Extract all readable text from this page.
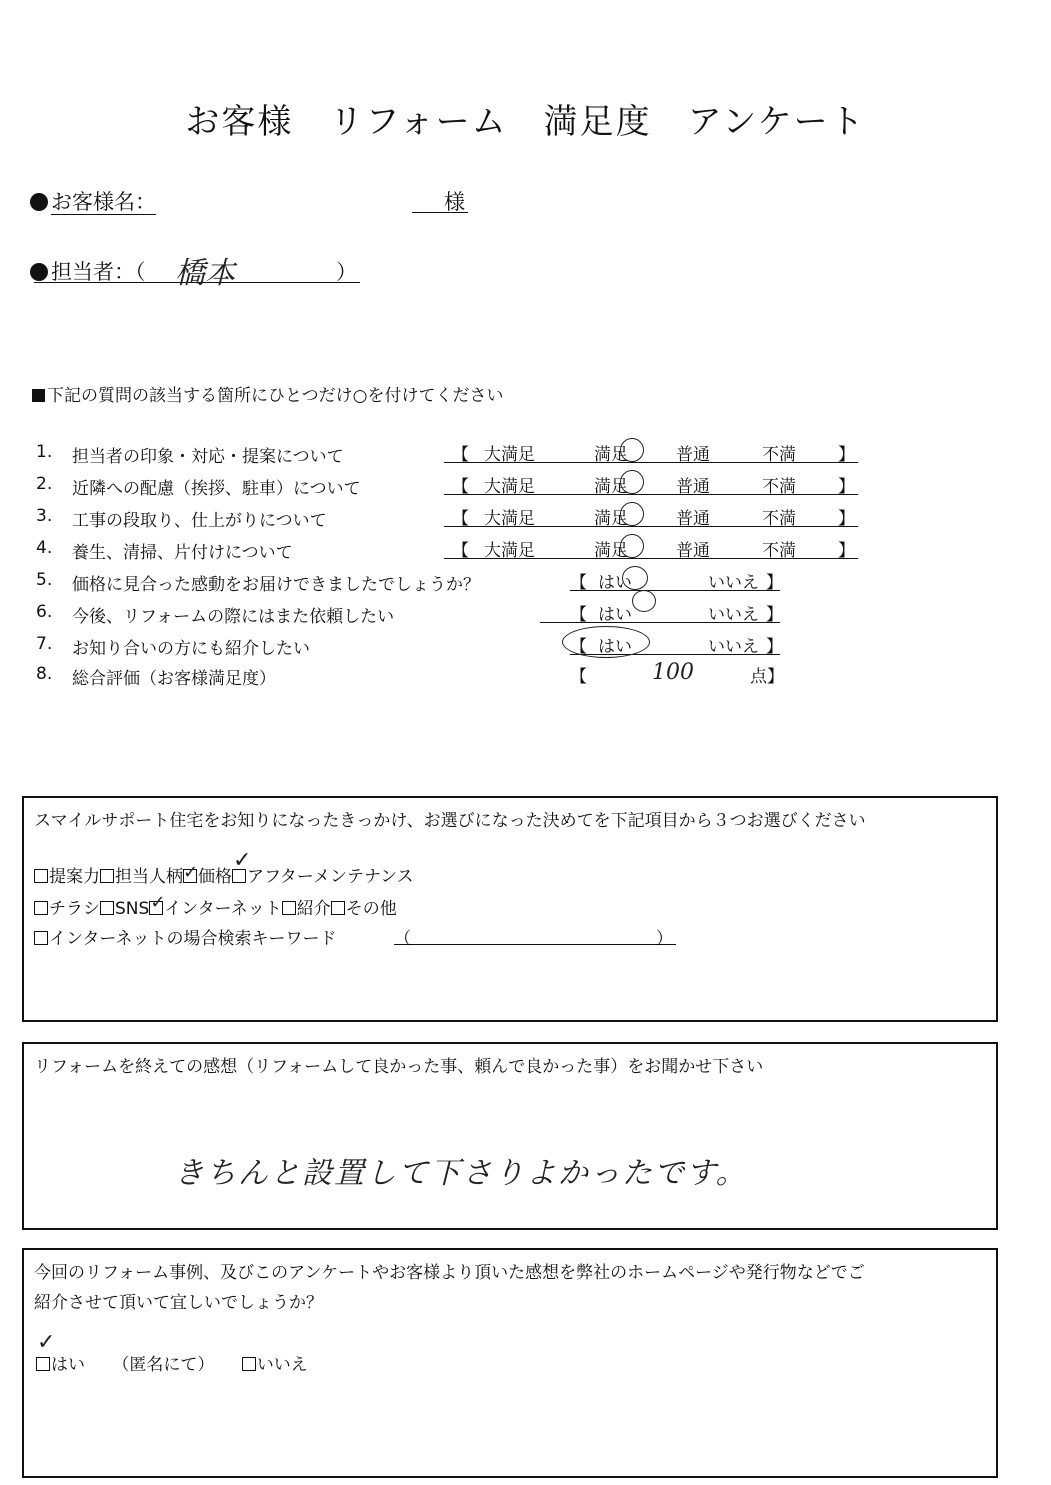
お客様 リフォーム 満足度 アンケート
お客様名：	様
担当者：（ 橋本	）
下記の質問の該当する箇所にひとつだけ○を付けてください
1. 担当者の印象・対応・提案について	【 大満足	満足	普通	不満 】
2. 近隣への配慮（挨拶、駐車）について	【 大満足	満足	普通	不満 】
3. 工事の段取り、仕上がりについて	【 大満足	満足	普通	不満 】
4. 養生、清掃、片付けについて	【 大満足	満足	普通	不満 】
5. 価格に見合った感動をお届けできましたでしょうか？	【 はい	いいえ 】
6. 今後、リフォームの際にはまた依頼したい	【 はい	いいえ 】
7. お知り合いの方にも紹介したい	【 はい	いいえ 】
8. 総合評価（お客様満足度）	【	100	点】
スマイルサポート住宅をお知りになったきっかけ、お選びになった決めてを下記項目から３つお選びください
提案力 担当人柄 ✓ 価格
✓
アフターメンテナンス
チラシ SNS ✓
インターネット 紹介 その他
インターネットの場合検索キーワード	（	）
リフォームを終えての感想（リフォームして良かった事、頼んで良かった事）をお聞かせ下さい
きちんと設置して下さりよかったです。
今回のリフォーム事例、及びこのアンケートやお客様より頂いた感想を弊社のホームページや発行物などでご
紹介させて頂いて宜しいでしょうか？
✓
はい （匿名にて） いいえ
